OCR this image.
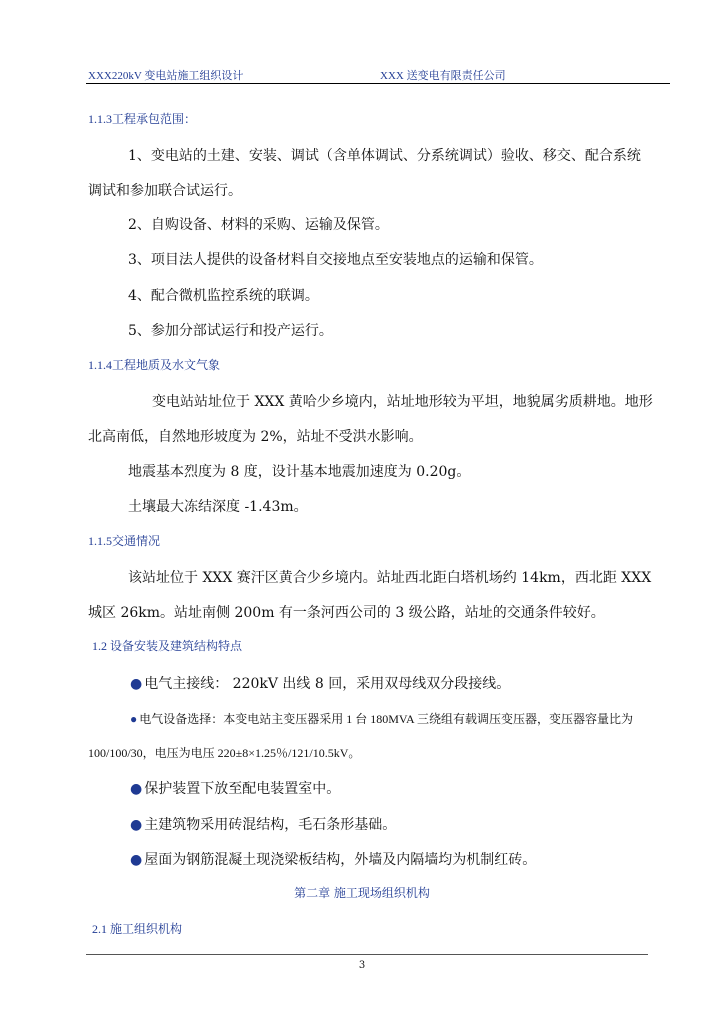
XXX220kV 变电站施工组织设计	XXX 送变电有限责任公司
1.1.3工程承包范围：
1、变电站的土建、安装、调试（含单体调试、分系统调试）验收、移交、配合系统
调试和参加联合试运行。
2、自购设备、材料的采购、运输及保管。
3、项目法人提供的设备材料自交接地点至安装地点的运输和保管。
4、配合微机监控系统的联调。
5、参加分部试运行和投产运行。
1.1.4工程地质及水文气象
变电站站址位于 XXX 黄哈少乡境内，站址地形较为平坦，地貌属劣质耕地。地形
北高南低，自然地形坡度为 2%，站址不受洪水影响。
地震基本烈度为 8 度，设计基本地震加速度为 0.20g。
土壤最大冻结深度 -1.43m。
1.1.5交通情况
该站址位于 XXX 赛汗区黄合少乡境内。站址西北距白塔机场约 14km，西北距 XXX
城区 26km。站址南侧 200m 有一条河西公司的 3 级公路，站址的交通条件较好。
1.2 设备安装及建筑结构特点
● 电气主接线： 220kV 出线 8 回，采用双母线双分段接线。
● 电气设备选择：本变电站主变压器采用 1 台 180MVA 三绕组有载调压变压器，变压器容量比为
100/100/30，电压为电压 220±8×1.25％/121/10.5kV。
● 保护装置下放至配电装置室中。
● 主建筑物采用砖混结构，毛石条形基础。
● 屋面为钢筋混凝土现浇梁板结构，外墙及内隔墙均为机制红砖。
第二章 施工现场组织机构
2.1 施工组织机构
3
